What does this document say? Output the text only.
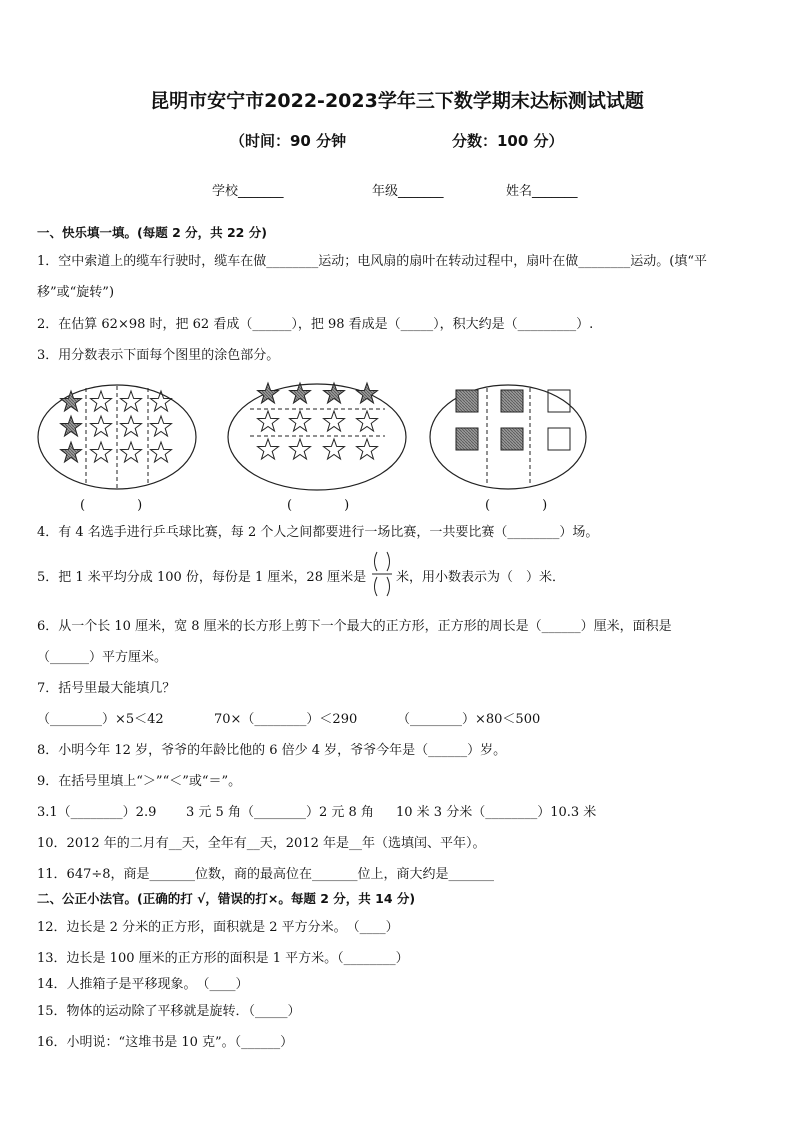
昆明市安宁市2022-2023学年三下数学期末达标测试试题
（时间：90 分钟	分数：100 分）
学校_______	年级_______	姓名_______
一、快乐填一填。(每题 2 分，共 22 分)
1．空中索道上的缆车行驶时，缆车在做________运动；电风扇的扇叶在转动过程中，扇叶在做________运动。(填“平
移”或“旋转”)
2．在估算 62×98 时，把 62 看成（______），把 98 看成是（_____），积大约是（_________）.
3．用分数表示下面每个图里的涂色部分。
(　　　　)	(　　　　)	(　　　　)
4．有 4 名选手进行乒乓球比赛，每 2 个人之间都要进行一场比赛，一共要比赛（________）场。
5．把 1 米平均分成 100 份，每份是 1 厘米，28 厘米是 米，用小数表示为（　）米．
6．从一个长 10 厘米，宽 8 厘米的长方形上剪下一个最大的正方形，正方形的周长是（______）厘米，面积是
（______）平方厘米。
7．括号里最大能填几？
（________）×5＜42	70×（________）＜290	（________）×80＜500
8．小明今年 12 岁，爷爷的年龄比他的 6 倍少 4 岁，爷爷今年是（______）岁。
9．在括号里填上“＞”“＜”或“＝”。
3.1（________）2.9 3 元 5 角（________）2 元 8 角 10 米 3 分米（________）10.3 米
10．2012 年的二月有__天，全年有__天，2012 年是__年（选填闰、平年）。
11．647÷8，商是_______位数，商的最高位在_______位上，商大约是_______
二、公正小法官。(正确的打 √，错误的打×。每题 2 分，共 14 分)
12．边长是 2 分米的正方形，面积就是 2 平方分米。　（____）
13．边长是 100 厘米的正方形的面积是 1 平方米。（________）
14．人推箱子是平移现象。　（____）
15．物体的运动除了平移就是旋转．（_____）
16．小明说：“这堆书是 10 克”。（______）
